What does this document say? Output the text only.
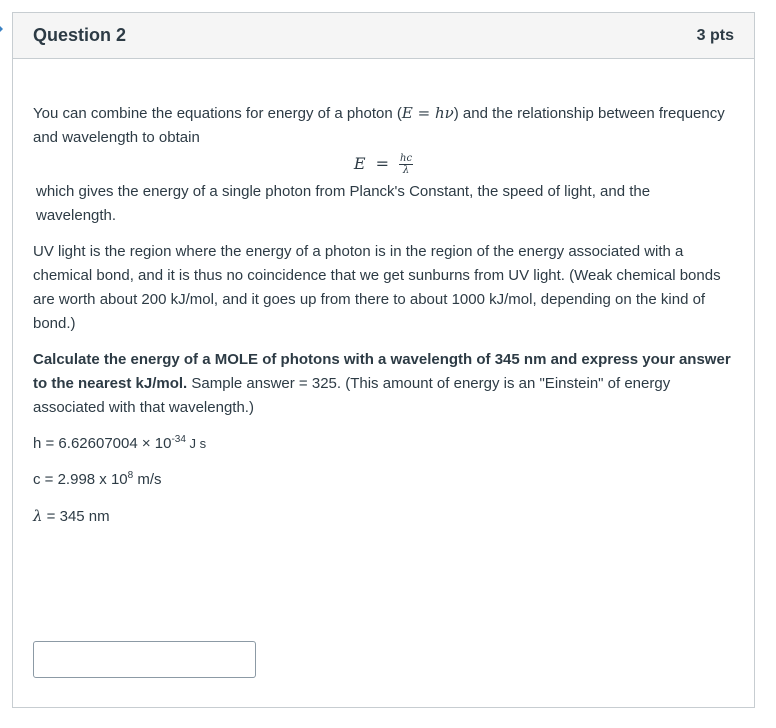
Question 2	3 pts

You can combine the equations for energy of a photon (E = hν) and the relationship between frequency and wavelength to obtain

$E = \frac{hc}{\lambda}$

which gives the energy of a single photon from Planck's Constant, the speed of light, and the wavelength.

UV light is the region where the energy of a photon is in the region of the energy associated with a chemical bond, and it is thus no coincidence that we get sunburns from UV light. (Weak chemical bonds are worth about 200 kJ/mol, and it goes up from there to about 1000 kJ/mol, depending on the kind of bond.)

Calculate the energy of a MOLE of photons with a wavelength of 345 nm and express your answer to the nearest kJ/mol. Sample answer = 325. (This amount of energy is an "Einstein" of energy associated with that wavelength.)

$h = 6.62607004 \times 10^{-34}$ J s

c = 2.998 x $10^8$ m/s

λ = 345 nm
